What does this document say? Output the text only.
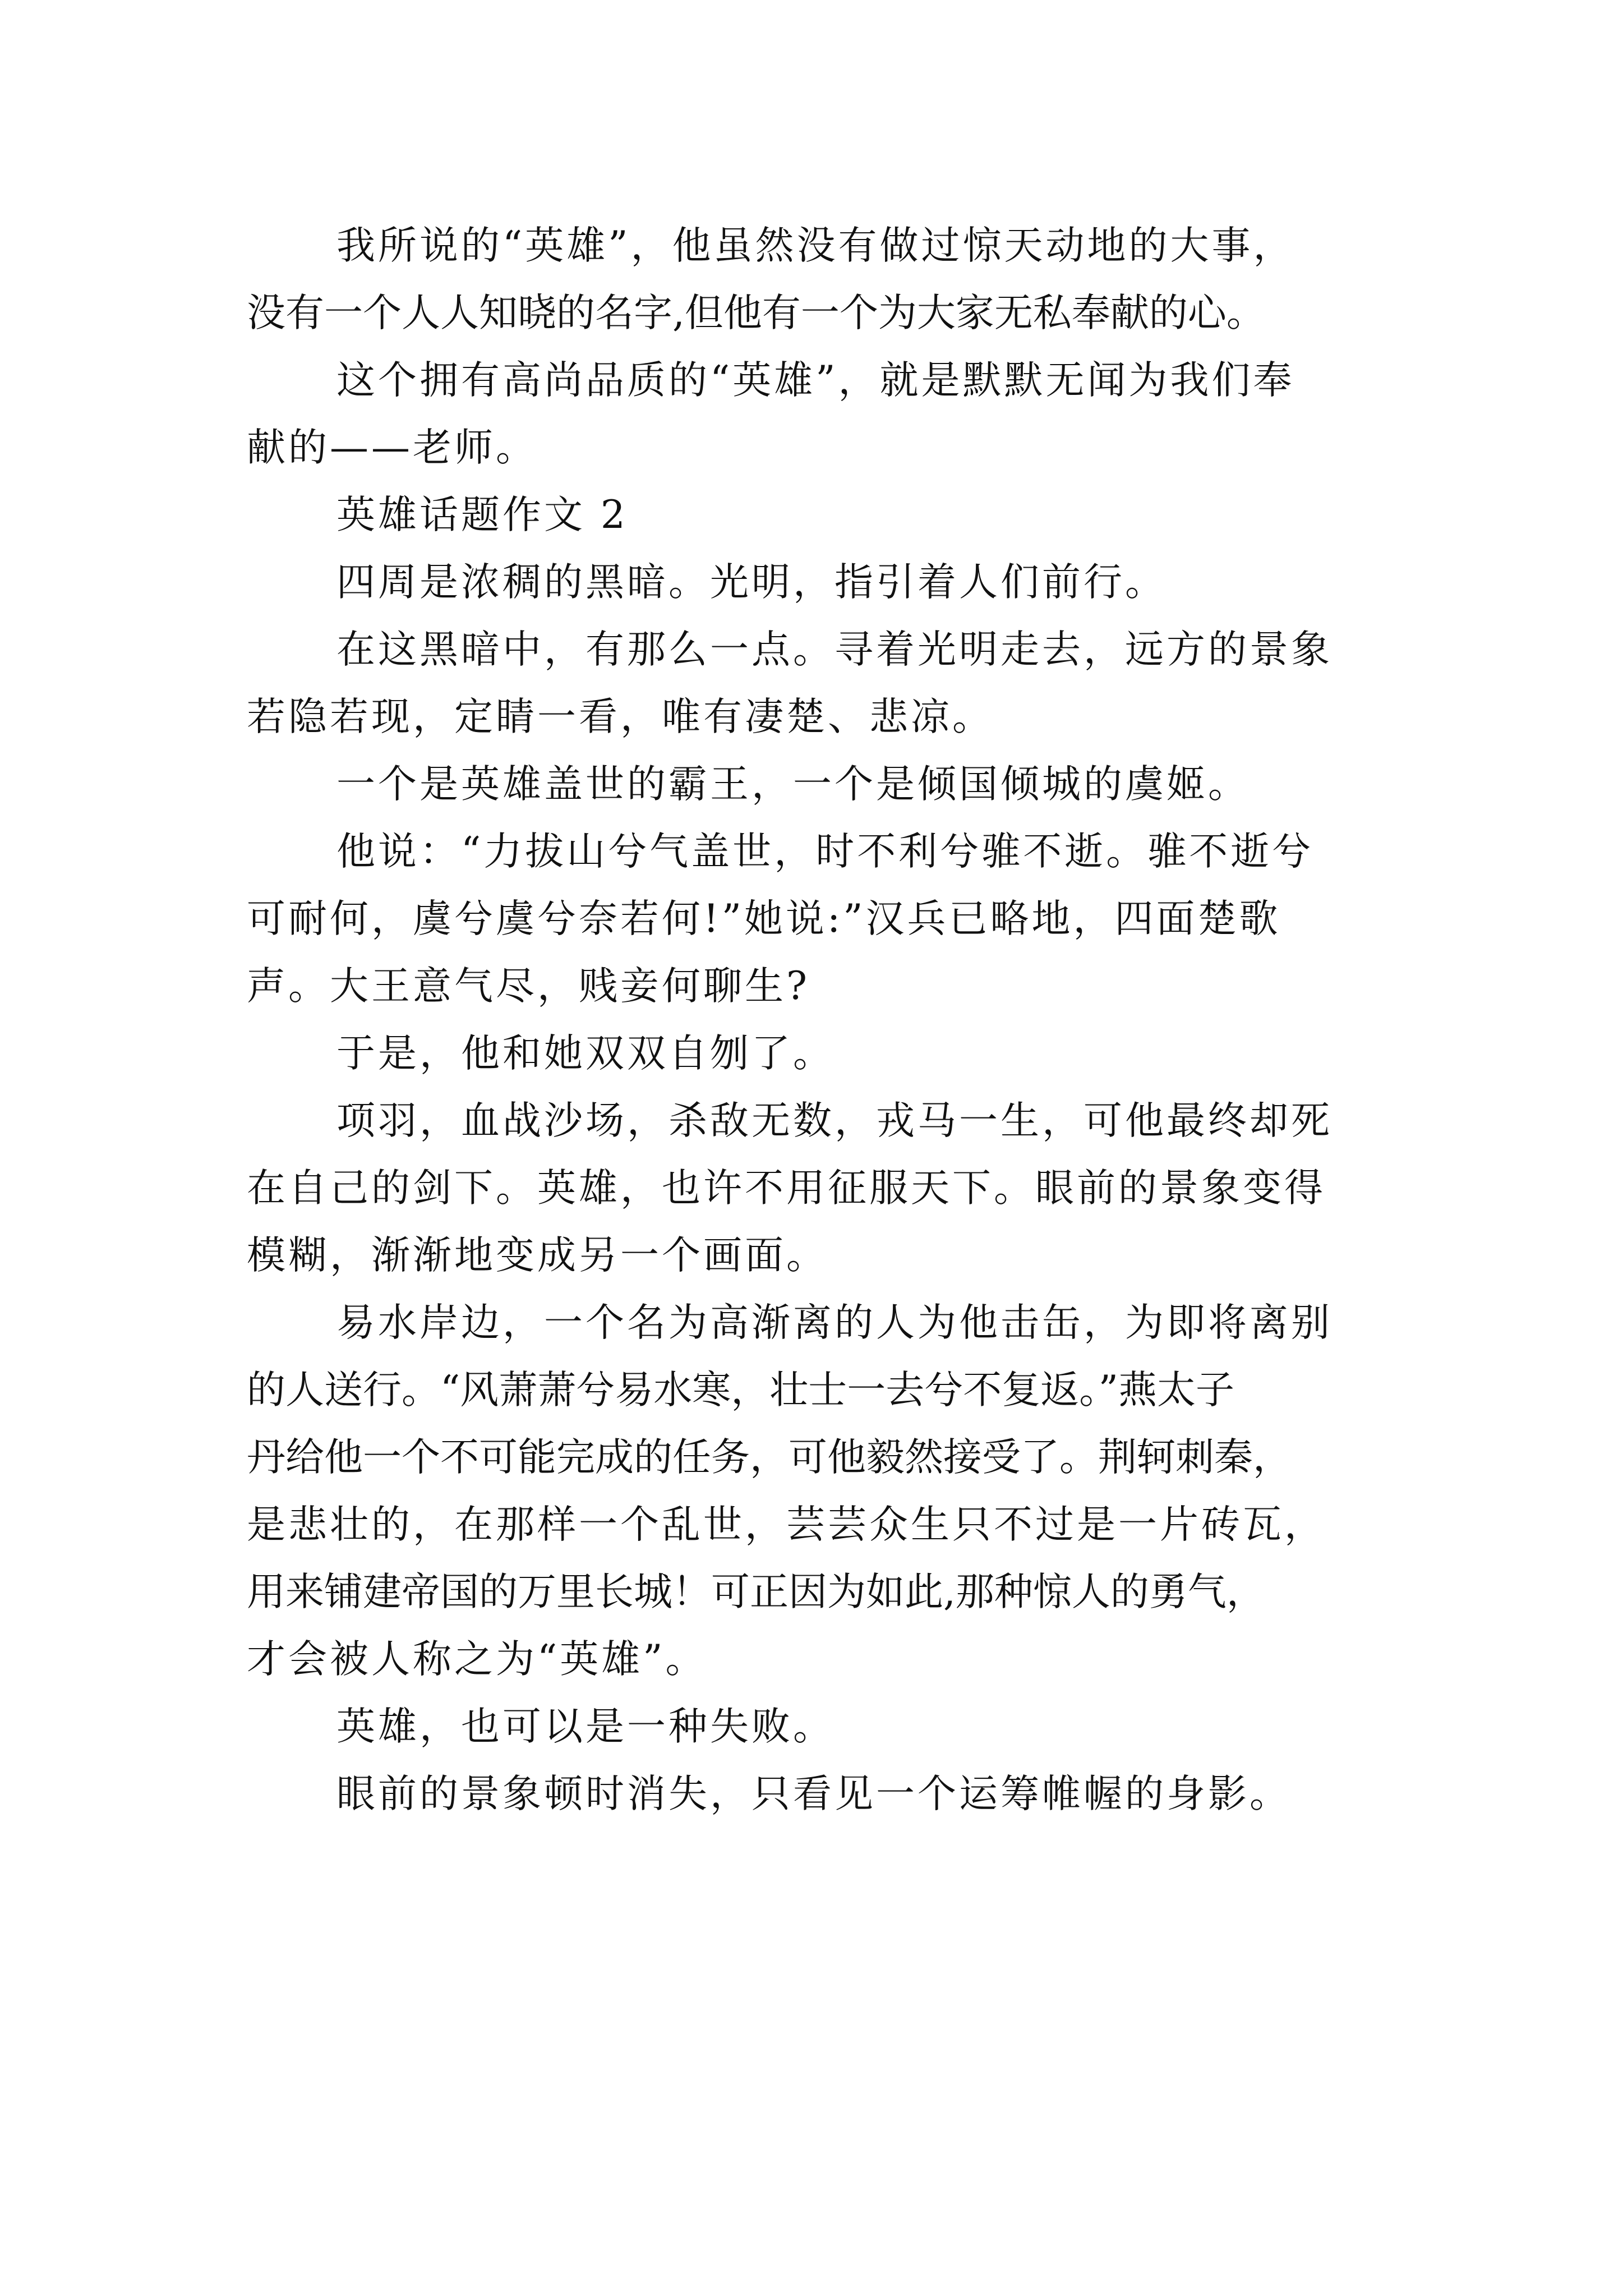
我所说的“英雄”，他虽然没有做过惊天动地的大事，
没有一个人人知晓的名字,但他有一个为大家无私奉献的心。
这个拥有高尚品质的“英雄”，就是默默无闻为我们奉
献的——老师。
英雄话题作文 2
四周是浓稠的黑暗。光明，指引着人们前行。
在这黑暗中，有那么一点。寻着光明走去，远方的景象
若隐若现，定睛一看，唯有凄楚、悲凉。
一个是英雄盖世的霸王，一个是倾国倾城的虞姬。
他说：“力拔山兮气盖世，时不利兮骓不逝。骓不逝兮
可耐何，虞兮虞兮奈若何!”她说:”汉兵已略地，四面楚歌
声。大王意气尽，贱妾何聊生?
于是，他和她双双自刎了。
项羽，血战沙场，杀敌无数，戎马一生，可他最终却死
在自己的剑下。英雄，也许不用征服天下。眼前的景象变得
模糊，渐渐地变成另一个画面。
易水岸边，一个名为高渐离的人为他击缶，为即将离别
的人送行。“风萧萧兮易水寒，壮士一去兮不复返。”燕太子
丹给他一个不可能完成的任务，可他毅然接受了。荆轲刺秦，
是悲壮的，在那样一个乱世，芸芸众生只不过是一片砖瓦，
用来铺建帝国的万里长城！可正因为如此,那种惊人的勇气，
才会被人称之为“英雄”。
英雄，也可以是一种失败。
眼前的景象顿时消失，只看见一个运筹帷幄的身影。
